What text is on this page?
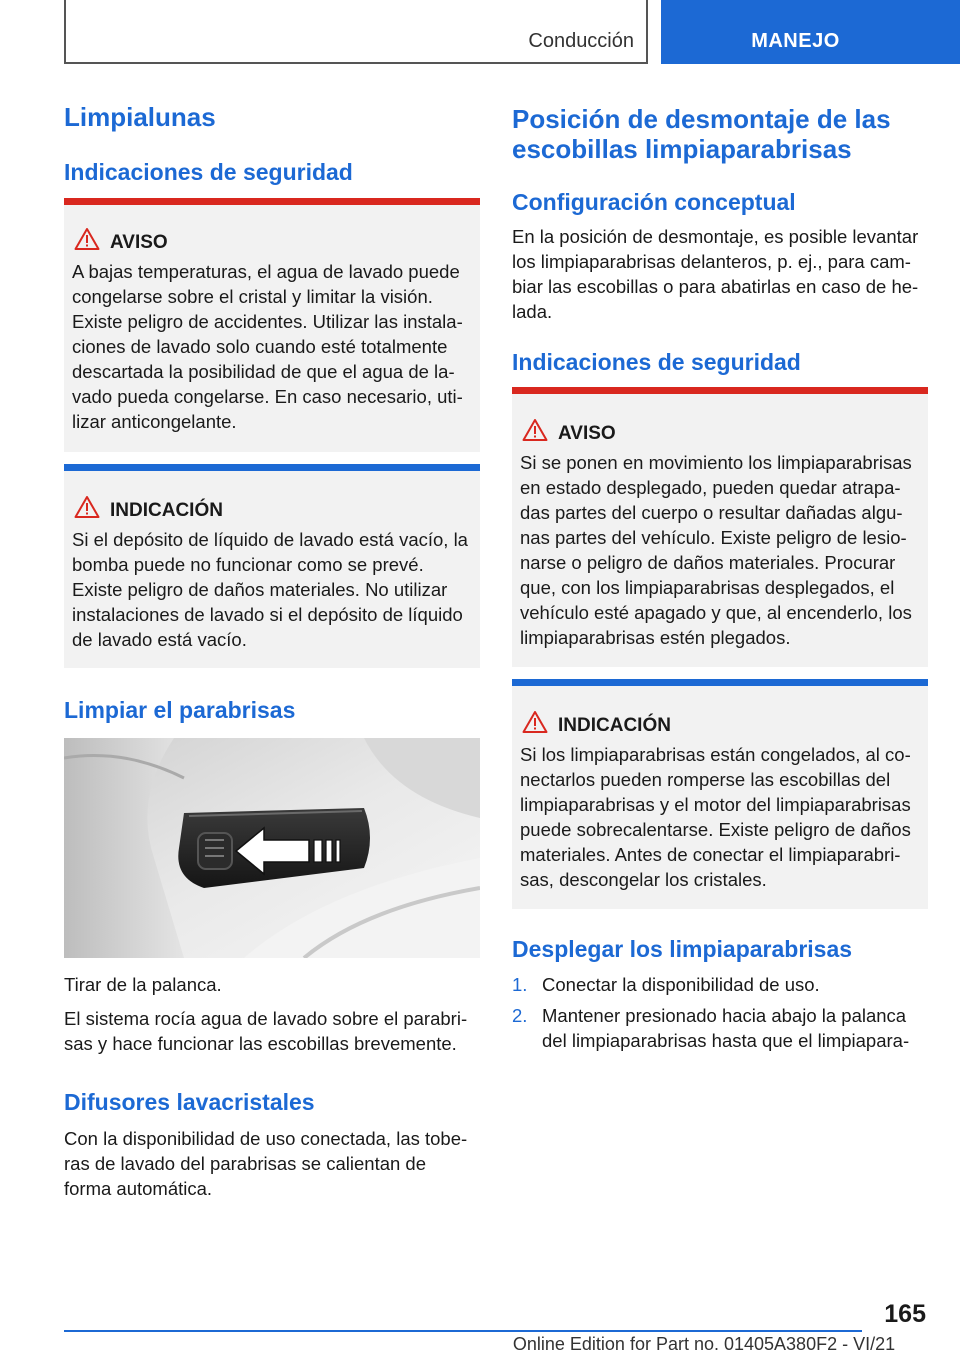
Conducción	MANEJO
Limpialunas
Indicaciones de seguridad
AVISO
A bajas temperaturas, el agua de lavado puede
congelarse sobre el cristal y limitar la visión.
Existe peligro de accidentes. Utilizar las instala-
ciones de lavado solo cuando esté totalmente
descartada la posibilidad de que el agua de la-
vado pueda congelarse. En caso necesario, uti-
lizar anticongelante.
INDICACIÓN
Si el depósito de líquido de lavado está vacío, la
bomba puede no funcionar como se prevé.
Existe peligro de daños materiales. No utilizar
instalaciones de lavado si el depósito de líquido
de lavado está vacío.
Limpiar el parabrisas

Tirar de la palanca.

El sistema rocía agua de lavado sobre el parabri-
sas y hace funcionar las escobillas brevemente.
Difusores lavacristales
Con la disponibilidad de uso conectada, las tobe-
ras de lavado del parabrisas se calientan de
forma automática.
Posición de desmontaje de las
escobillas limpiaparabrisas
Configuración conceptual
En la posición de desmontaje, es posible levantar
los limpiaparabrisas delanteros, p. ej., para cam-
biar las escobillas o para abatirlas en caso de he-
lada.
Indicaciones de seguridad
AVISO
Si se ponen en movimiento los limpiaparabrisas
en estado desplegado, pueden quedar atrapa-
das partes del cuerpo o resultar dañadas algu-
nas partes del vehículo. Existe peligro de lesio-
narse o peligro de daños materiales. Procurar
que, con los limpiaparabrisas desplegados, el
vehículo esté apagado y que, al encenderlo, los
limpiaparabrisas estén plegados.
INDICACIÓN
Si los limpiaparabrisas están congelados, al co-
nectarlos pueden romperse las escobillas del
limpiaparabrisas y el motor del limpiaparabrisas
puede sobrecalentarse. Existe peligro de daños
materiales. Antes de conectar el limpiaparabri-
sas, descongelar los cristales.
Desplegar los limpiaparabrisas
1. Conectar la disponibilidad de uso.
2. Mantener presionado hacia abajo la palanca
del limpiaparabrisas hasta que el limpiapara-
165
Online Edition for Part no. 01405A380F2 - VI/21
